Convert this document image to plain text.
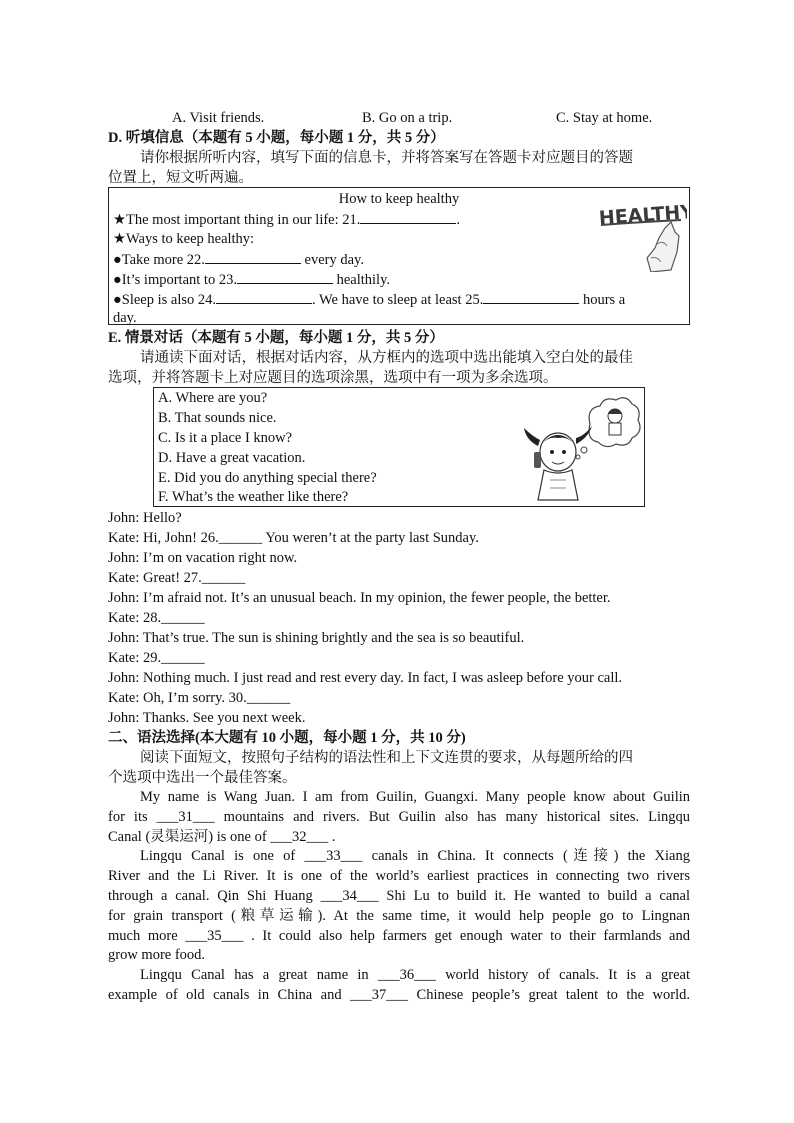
A. Visit friends.	B. Go on a trip.	C. Stay at home.
D. 听填信息（本题有 5 小题，每小题 1 分，共 5 分）
请你根据所听内容，填写下面的信息卡，并将答案写在答题卡对应题目的答题
位置上，短文听两遍。
How to keep healthy
★The most important thing in our life: 21.	.
★Ways to keep healthy:
●Take more 22.	every day.
●It’s important to 23.	healthily.
●Sleep is also 24.	. We have to sleep at least 25.	hours a
day.
HEALTHY
E. 情景对话（本题有 5 小题，每小题 1 分，共 5 分）
请通读下面对话，根据对话内容，从方框内的选项中选出能填入空白处的最佳
选项，并将答题卡上对应题目的选项涂黑，选项中有一项为多余选项。
A. Where are you?
B. That sounds nice.
C. Is it a place I know?
D. Have a great vacation.
E. Did you do anything special there?
F. What’s the weather like there?
John: Hello?
Kate: Hi, John! 26.______ You weren’t at the party last Sunday.
John: I’m on vacation right now.
Kate: Great! 27.______
John: I’m afraid not. It’s an unusual beach. In my opinion, the fewer people, the better.
Kate: 28.______
John: That’s true. The sun is shining brightly and the sea is so beautiful.
Kate: 29.______
John: Nothing much. I just read and rest every day. In fact, I was asleep before your call.
Kate: Oh, I’m sorry. 30.______
John: Thanks. See you next week.
二、语法选择(本大题有 10 小题，每小题 1 分，共 10 分)
阅读下面短文，按照句子结构的语法性和上下文连贯的要求，从每题所给的四
个选项中选出一个最佳答案。
My name is Wang Juan. I am from Guilin, Guangxi. Many people know about Guilin
for its ___31___ mountains and rivers. But Guilin also has many historical sites. Lingqu
Canal (灵渠运河) is one of ___32___ .
Lingqu Canal is one of ___33___ canals in China. It connects (连接) the Xiang
River and the Li River. It is one of the world’s earliest practices in connecting two rivers
through a canal. Qin Shi Huang ___34___ Shi Lu to build it. He wanted to build a canal
for grain transport (粮草运输). At the same time, it would help people go to Lingnan
much more ___35___ . It could also help farmers get enough water to their farmlands and
grow more food.
Lingqu Canal has a great name in ___36___ world history of canals. It is a great
example of old canals in China and ___37___ Chinese people’s great talent to the world.
